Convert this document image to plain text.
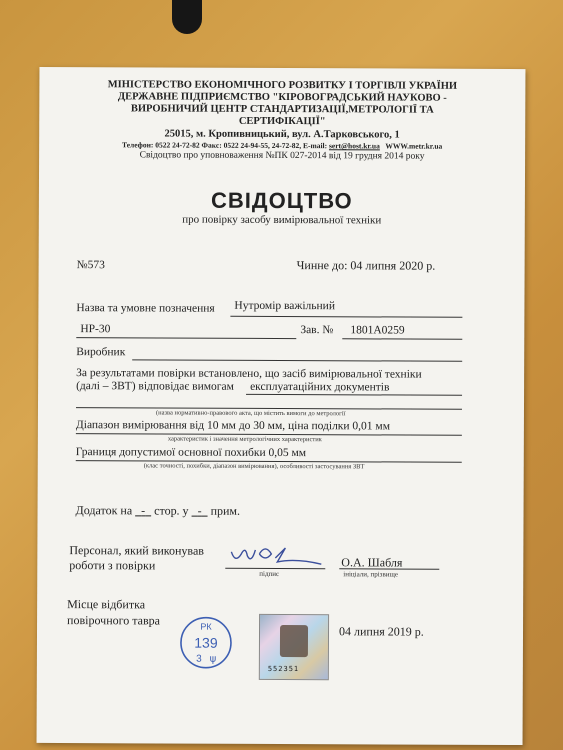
МІНІСТЕРСТВО ЕКОНОМІЧНОГО РОЗВИТКУ І ТОРГІВЛІ УКРАЇНИ
ДЕРЖАВНЕ ПІДПРИЄМСТВО "КІРОВОГРАДСЬКИЙ НАУКОВО -
ВИРОБНИЧИЙ ЦЕНТР СТАНДАРТИЗАЦІЇ,МЕТРОЛОГІЇ ТА
СЕРТИФІКАЦІЇ"
25015, м. Кропивницький, вул. А.Тарковського, 1
Телефон: 0522 24-72-82 Факс: 0522 24-94-55, 24-72-82, E-mail: sert@host.kr.ua WWW.metr.kr.ua
Свідоцтво про уповноваження №ПК 027-2014 від 19 грудня 2014 року
СВІДОЦТВО
про повірку засобу вимірювальної техніки
№573	Чинне до: 04 липня 2020 р.
Назва та умовне позначення Нутромір важільний
НР-30	Зав. № 1801А0259
Виробник
За результатами повірки встановлено, що засіб вимірювальної техніки
(далі – ЗВТ) відповідає вимогам експлуатаційних документів
(назва нормативно-правового акта, що містить вимоги до метрології
Діапазон вимірювання від 10 мм до 30 мм, ціна поділки 0,01 мм
характеристик і значення метрологічних характеристик
Границя допустимої основної похибки 0,05 мм
(клас точності, похибки, діапазон вимірювання), особливості застосування ЗВТ
Додаток на - стор. у - прим.
Персонал, який виконував
роботи з повірки
підпис
О.А. Шабля
ініціали, прізвище
Місце відбитка
повірочного тавра	РК
139
3 ψ
552351
04 липня 2019 р.
